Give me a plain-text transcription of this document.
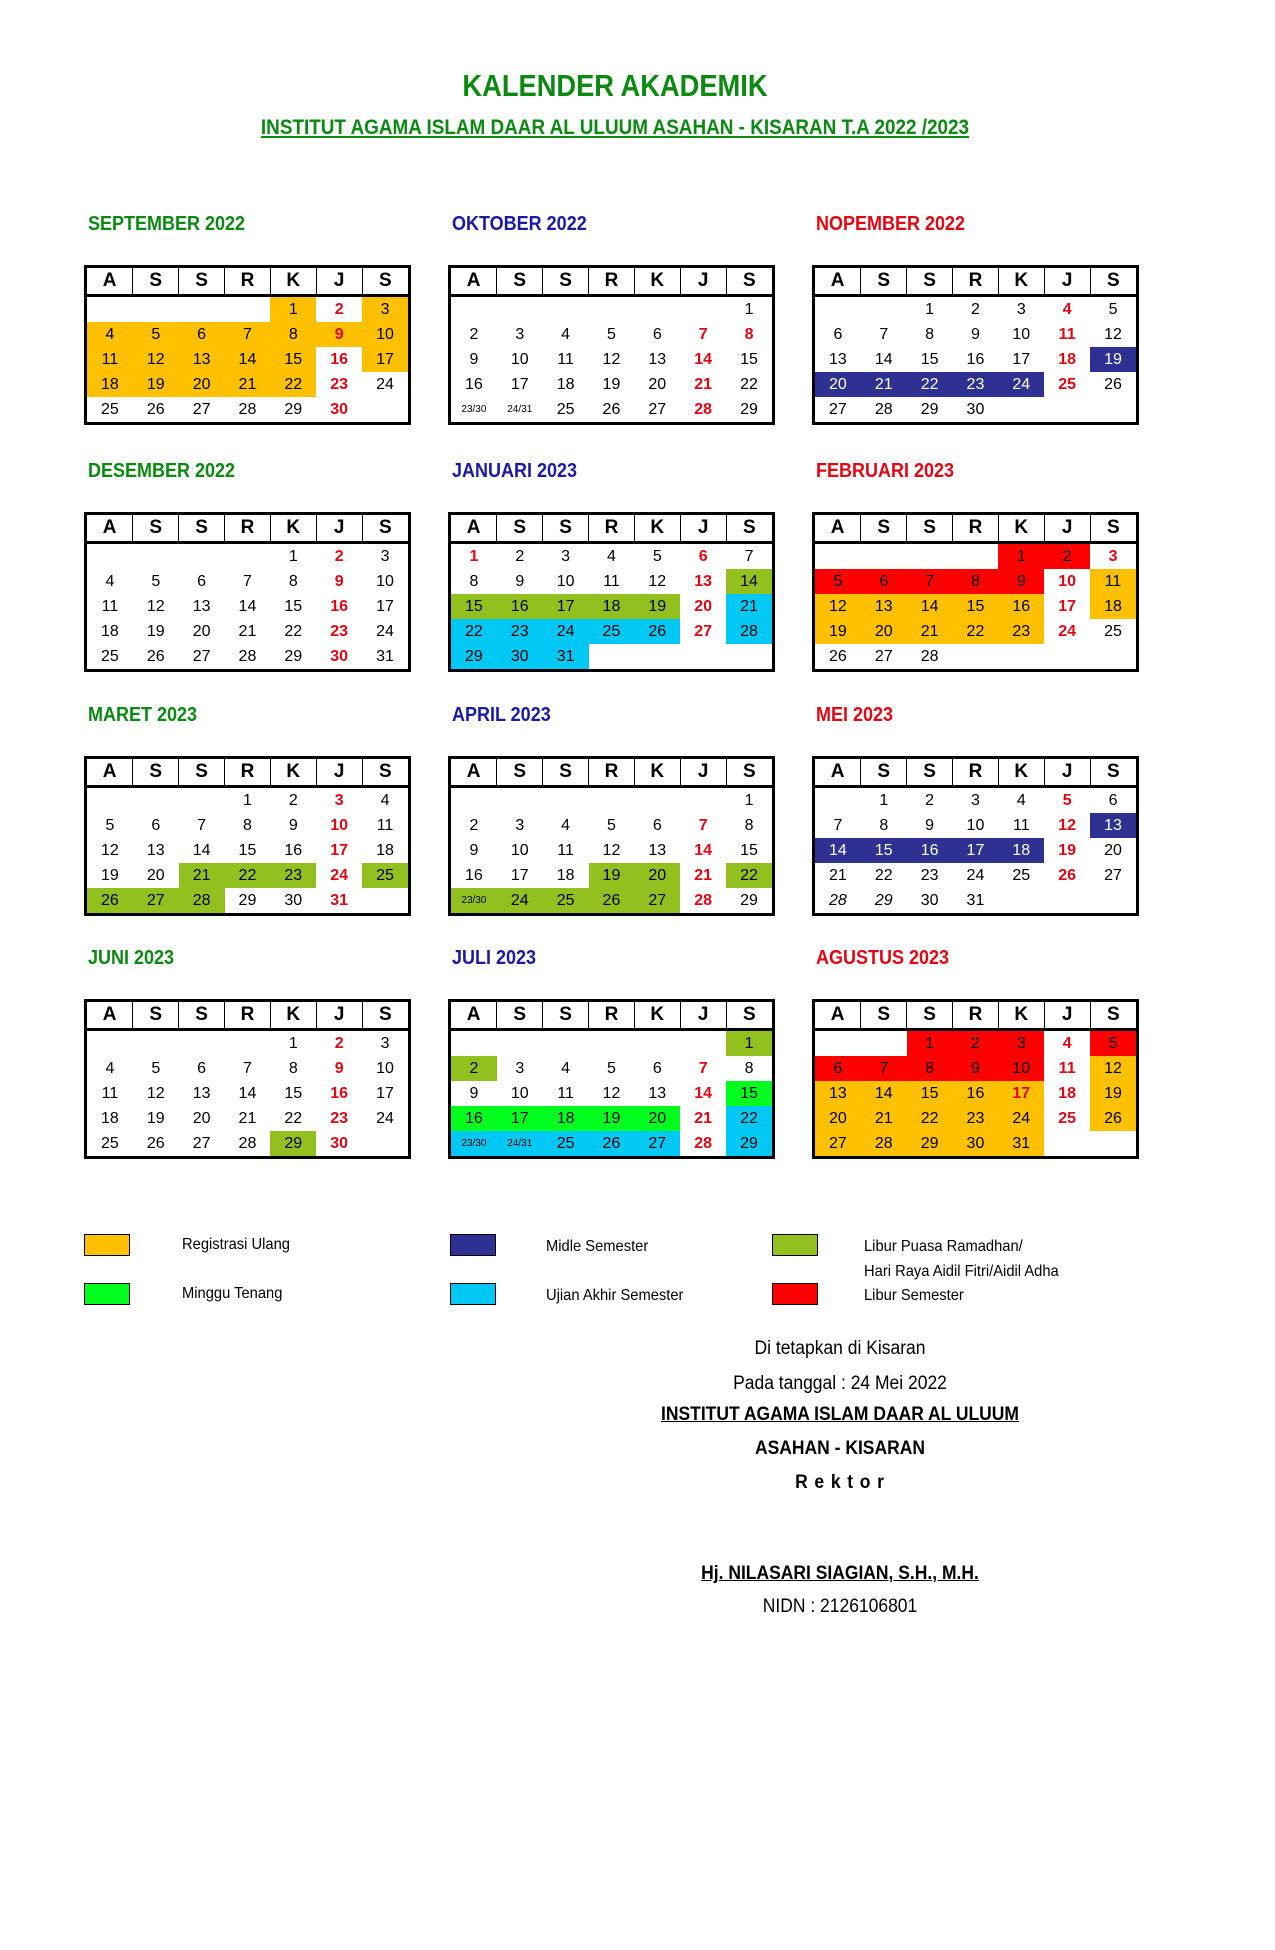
KALENDER AKADEMIK
INSTITUT AGAMA ISLAM DAAR AL ULUUM ASAHAN - KISARAN T.A 2022 /2023
SEPTEMBER 2022
A	S	S	R	K	J	S
				1	2	3
4	5	6	7	8	9	10
11	12	13	14	15	16	17
18	19	20	21	22	23	24
25	26	27	28	29	30	
OKTOBER 2022
A	S	S	R	K	J	S
						1
2	3	4	5	6	7	8
9	10	11	12	13	14	15
16	17	18	19	20	21	22
23/30	24/31	25	26	27	28	29
NOPEMBER 2022
A	S	S	R	K	J	S
		1	2	3	4	5
6	7	8	9	10	11	12
13	14	15	16	17	18	19
20	21	22	23	24	25	26
27	28	29	30			
DESEMBER 2022
A	S	S	R	K	J	S
				1	2	3
4	5	6	7	8	9	10
11	12	13	14	15	16	17
18	19	20	21	22	23	24
25	26	27	28	29	30	31
JANUARI 2023
A	S	S	R	K	J	S
1	2	3	4	5	6	7
8	9	10	11	12	13	14
15	16	17	18	19	20	21
22	23	24	25	26	27	28
29	30	31				
FEBRUARI 2023
A	S	S	R	K	J	S
				1	2	3
5	6	7	8	9	10	11
12	13	14	15	16	17	18
19	20	21	22	23	24	25
26	27	28				
MARET 2023
A	S	S	R	K	J	S
			1	2	3	4
5	6	7	8	9	10	11
12	13	14	15	16	17	18
19	20	21	22	23	24	25
26	27	28	29	30	31	
APRIL 2023
A	S	S	R	K	J	S
						1
2	3	4	5	6	7	8
9	10	11	12	13	14	15
16	17	18	19	20	21	22
23/30	24	25	26	27	28	29
MEI 2023
A	S	S	R	K	J	S
	1	2	3	4	5	6
7	8	9	10	11	12	13
14	15	16	17	18	19	20
21	22	23	24	25	26	27
28	29	30	31			
JUNI 2023
A	S	S	R	K	J	S
				1	2	3
4	5	6	7	8	9	10
11	12	13	14	15	16	17
18	19	20	21	22	23	24
25	26	27	28	29	30	
JULI 2023
A	S	S	R	K	J	S
						1
2	3	4	5	6	7	8
9	10	11	12	13	14	15
16	17	18	19	20	21	22
23/30	24/31	25	26	27	28	29
AGUSTUS 2023
A	S	S	R	K	J	S
		1	2	3	4	5
6	7	8	9	10	11	12
13	14	15	16	17	18	19
20	21	22	23	24	25	26
27	28	29	30	31		
Registrasi Ulang
Minggu Tenang
Midle Semester
Ujian Akhir Semester
Libur Puasa Ramadhan/
Hari Raya Aidil Fitri/Aidil Adha
Libur Semester
Di tetapkan di Kisaran
Pada tanggal : 24 Mei 2022
INSTITUT AGAMA ISLAM DAAR AL ULUUM
ASAHAN - KISARAN
R e k t o r
Hj. NILASARI SIAGIAN, S.H., M.H.
NIDN : 2126106801
